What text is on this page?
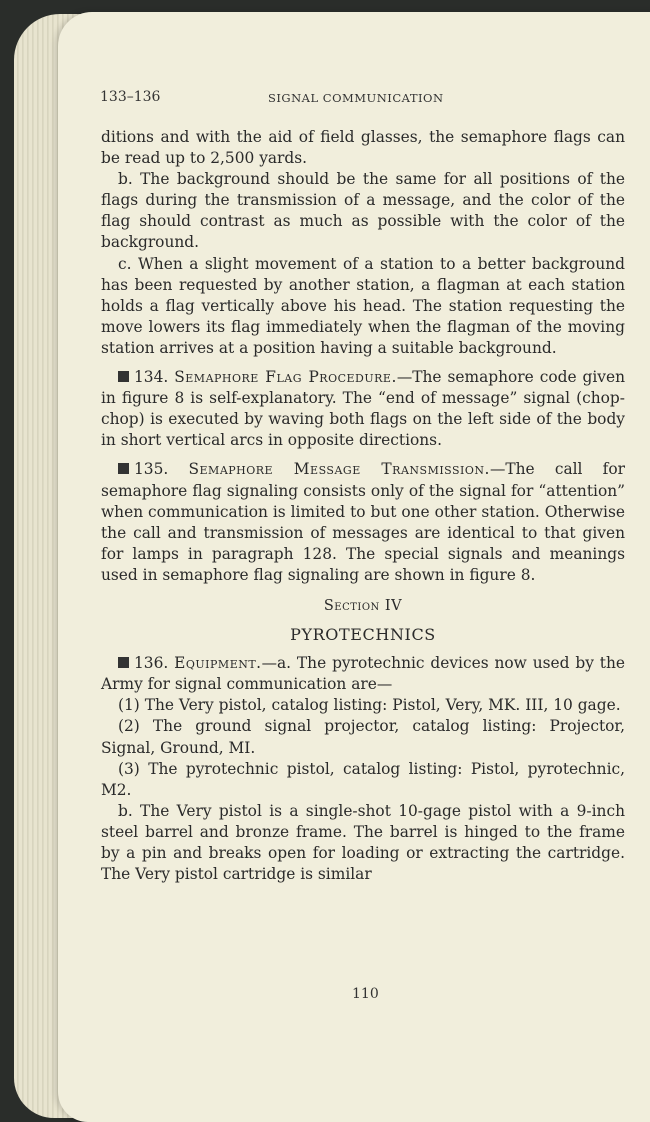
133–136	SIGNAL COMMUNICATION

ditions and with the aid of field glasses, the semaphore flags can be read up to 2,500 yards.

b. The background should be the same for all positions of the flags during the transmission of a message, and the color of the flag should contrast as much as possible with the color of the background.

c. When a slight movement of a station to a better background has been requested by another station, a flagman at each station holds a flag vertically above his head. The station requesting the move lowers its flag immediately when the flagman of the moving station arrives at a position having a suitable background.

134. Semaphore Flag Procedure.—The semaphore code given in figure 8 is self-explanatory. The “end of message” signal (chop-chop) is executed by waving both flags on the left side of the body in short vertical arcs in opposite directions.

135. Semaphore Message Transmission.—The call for semaphore flag signaling consists only of the signal for “attention” when communication is limited to but one other station. Otherwise the call and transmission of messages are identical to that given for lamps in paragraph 128. The special signals and meanings used in semaphore flag signaling are shown in figure 8.

Section IV

PYROTECHNICS

136. Equipment.—a. The pyrotechnic devices now used by the Army for signal communication are—

(1) The Very pistol, catalog listing: Pistol, Very, MK. III, 10 gage.

(2) The ground signal projector, catalog listing: Projector, Signal, Ground, MI.

(3) The pyrotechnic pistol, catalog listing: Pistol, pyrotechnic, M2.

b. The Very pistol is a single-shot 10-gage pistol with a 9-inch steel barrel and bronze frame. The barrel is hinged to the frame by a pin and breaks open for loading or extracting the cartridge. The Very pistol cartridge is similar

110
